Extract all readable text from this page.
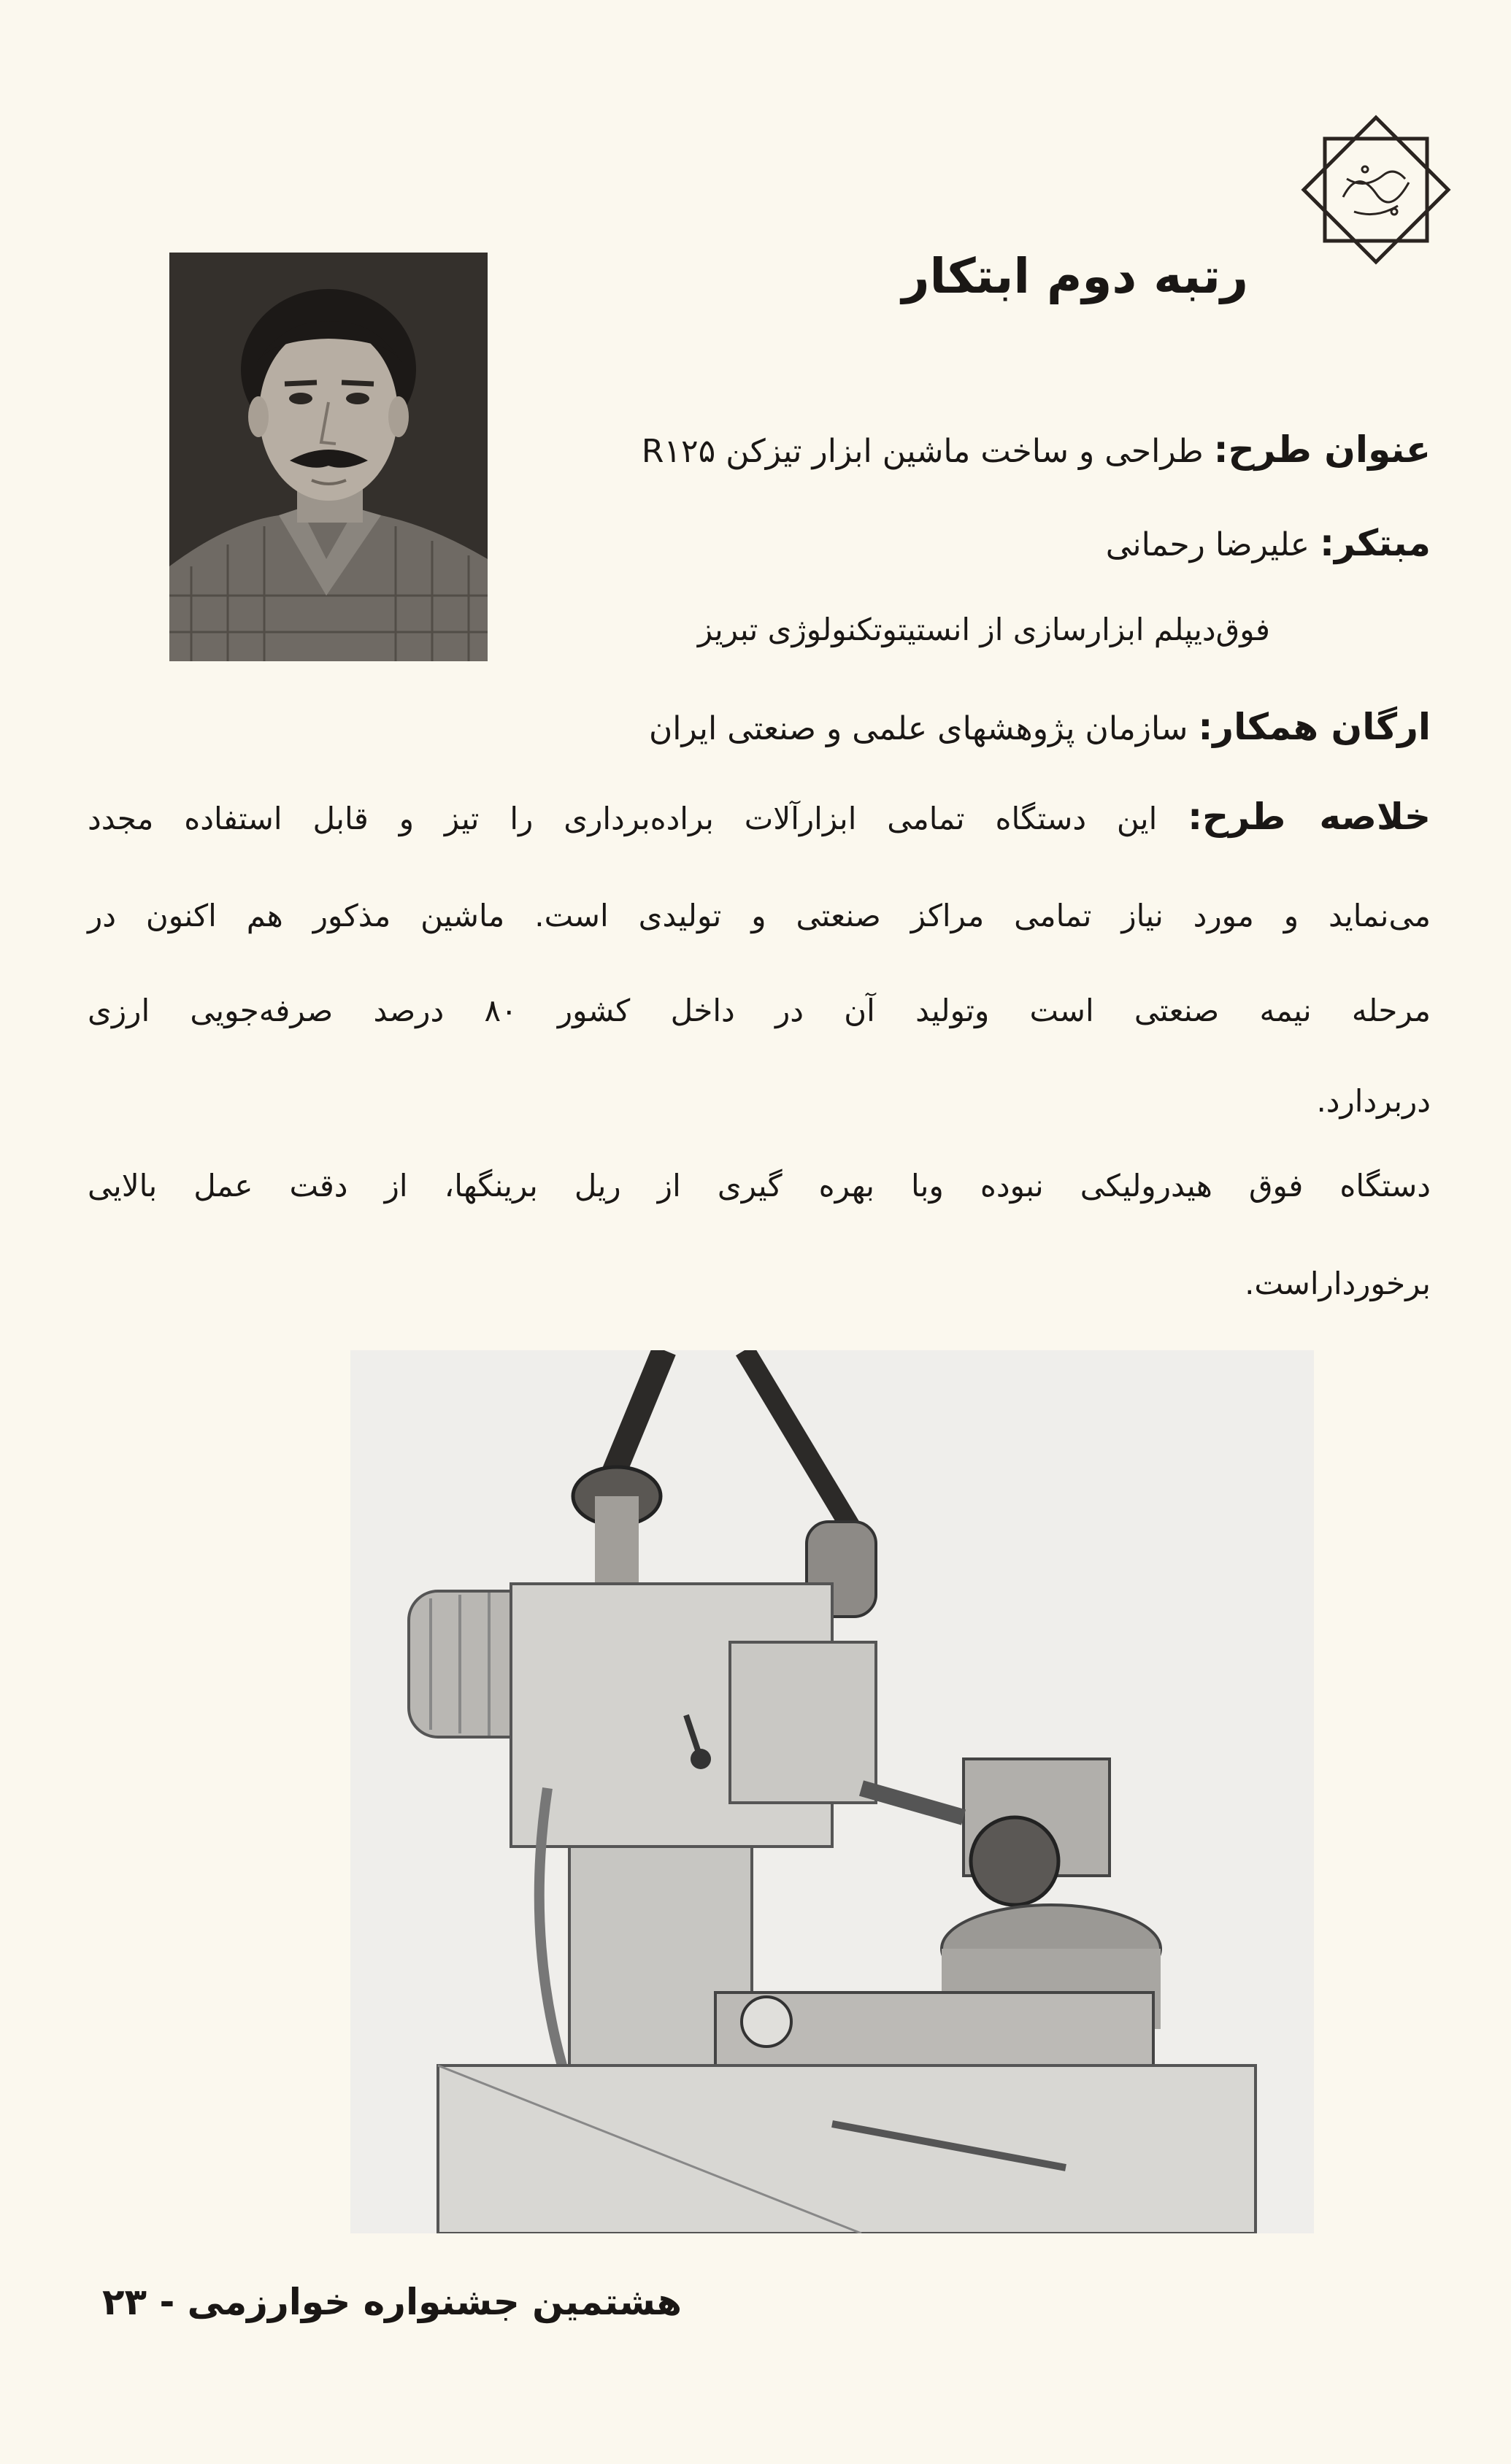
رتبه دوم ابتکار
عنوان طرح: طراحی و ساخت ماشین ابزار تیزکن R۱۲۵
مبتکر: علیرضا رحمانی
فوق‌دیپلم ابزارسازی از انستیتوتکنولوژی تبریز
ارگان همکار: سازمان پژوهشهای علمی و صنعتی ایران
خلاصه طرح: این دستگاه تمامی ابزارآلات براده‌برداری را تیز و قابل استفاده مجدد
می‌نماید و مورد نیاز تمامی مراکز صنعتی و تولیدی است. ماشین مذکور هم اکنون در
مرحله نیمه صنعتی است وتولید آن در داخل کشور ۸۰ درصد صرفه‌جویی ارزی
دربردارد.
دستگاه فوق هیدرولیکی نبوده وبا بهره گیری از ریل برینگها، از دقت عمل بالایی
برخورداراست.
هشتمین جشنواره خوارزمی - ۲۳
